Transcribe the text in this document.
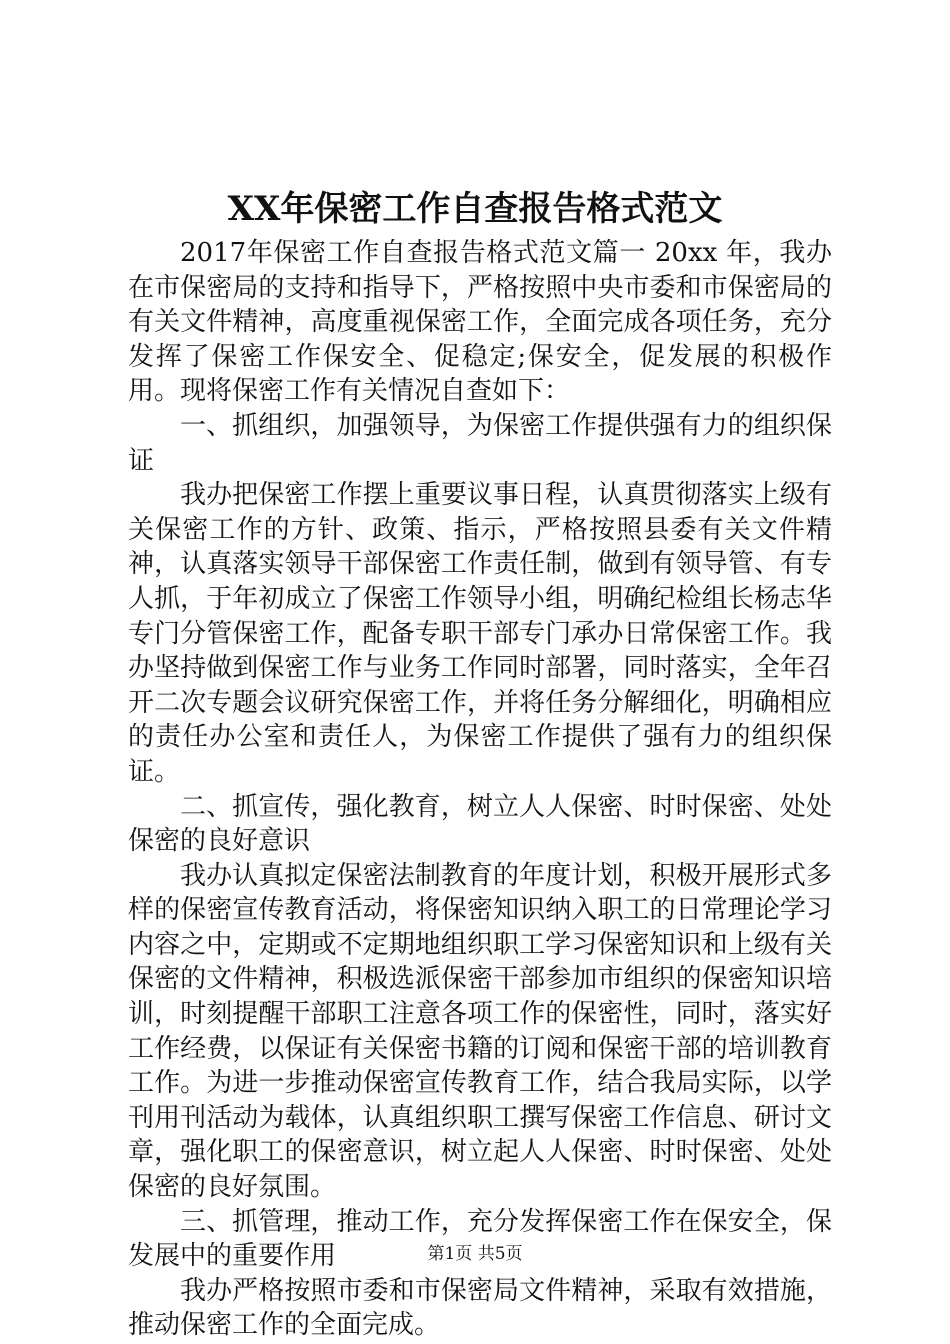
XX年保密工作自查报告格式范文

2017年保密工作自查报告格式范文篇一 20xx 年，我办在市保密局的支持和指导下，严格按照中央市委和市保密局的有关文件精神，高度重视保密工作，全面完成各项任务，充分发挥了保密工作保安全、促稳定;保安全，促发展的积极作用。现将保密工作有关情况自查如下：

一、抓组织，加强领导，为保密工作提供强有力的组织保证

我办把保密工作摆上重要议事日程，认真贯彻落实上级有关保密工作的方针、政策、指示，严格按照县委有关文件精神，认真落实领导干部保密工作责任制，做到有领导管、有专人抓，于年初成立了保密工作领导小组，明确纪检组长杨志华专门分管保密工作，配备专职干部专门承办日常保密工作。我办坚持做到保密工作与业务工作同时部署，同时落实，全年召开二次专题会议研究保密工作，并将任务分解细化，明确相应的责任办公室和责任人，为保密工作提供了强有力的组织保证。

二、抓宣传，强化教育，树立人人保密、时时保密、处处保密的良好意识

我办认真拟定保密法制教育的年度计划，积极开展形式多样的保密宣传教育活动，将保密知识纳入职工的日常理论学习内容之中，定期或不定期地组织职工学习保密知识和上级有关保密的文件精神，积极选派保密干部参加市组织的保密知识培训，时刻提醒干部职工注意各项工作的保密性，同时，落实好工作经费，以保证有关保密书籍的订阅和保密干部的培训教育工作。为进一步推动保密宣传教育工作，结合我局实际，以学刊用刊活动为载体，认真组织职工撰写保密工作信息、研讨文章，强化职工的保密意识，树立起人人保密、时时保密、处处保密的良好氛围。

三、抓管理，推动工作，充分发挥保密工作在保安全，保发展中的重要作用

我办严格按照市委和市保密局文件精神，采取有效措施，推动保密工作的全面完成。

第1页 共5页
